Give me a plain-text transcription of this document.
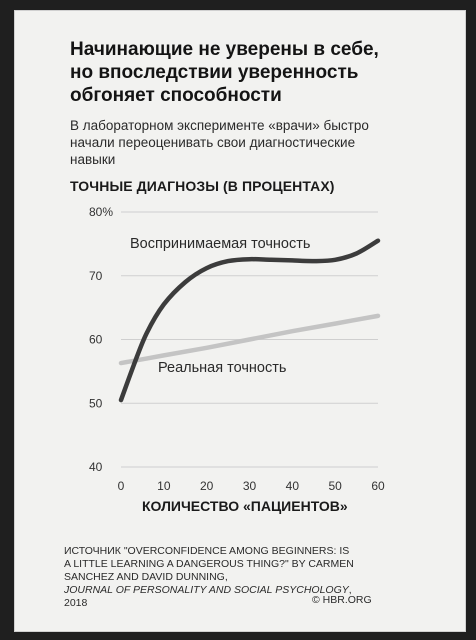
Начинающие не уверены в себе, но впоследствии уверенность обгоняет способности
В лабораторном эксперименте «врачи» быстро начали переоценивать свои диагностические навыки
ТОЧНЫЕ ДИАГНОЗЫ (В ПРОЦЕНТАХ)
40
50
60
70
80%
0	10 20 30 40 50 60
Воспринимаемая точность
Реальная точность
КОЛИЧЕСТВО «ПАЦИЕНТОВ»
ИСТОЧНИК "OVERCONFIDENCE AMONG BEGINNERS: IS A LITTLE LEARNING A DANGEROUS THING?" BY CARMEN SANCHEZ AND DAVID DUNNING,
JOURNAL OF PERSONALITY AND SOCIAL PSYCHOLOGY, 2018	© HBR.ORG
